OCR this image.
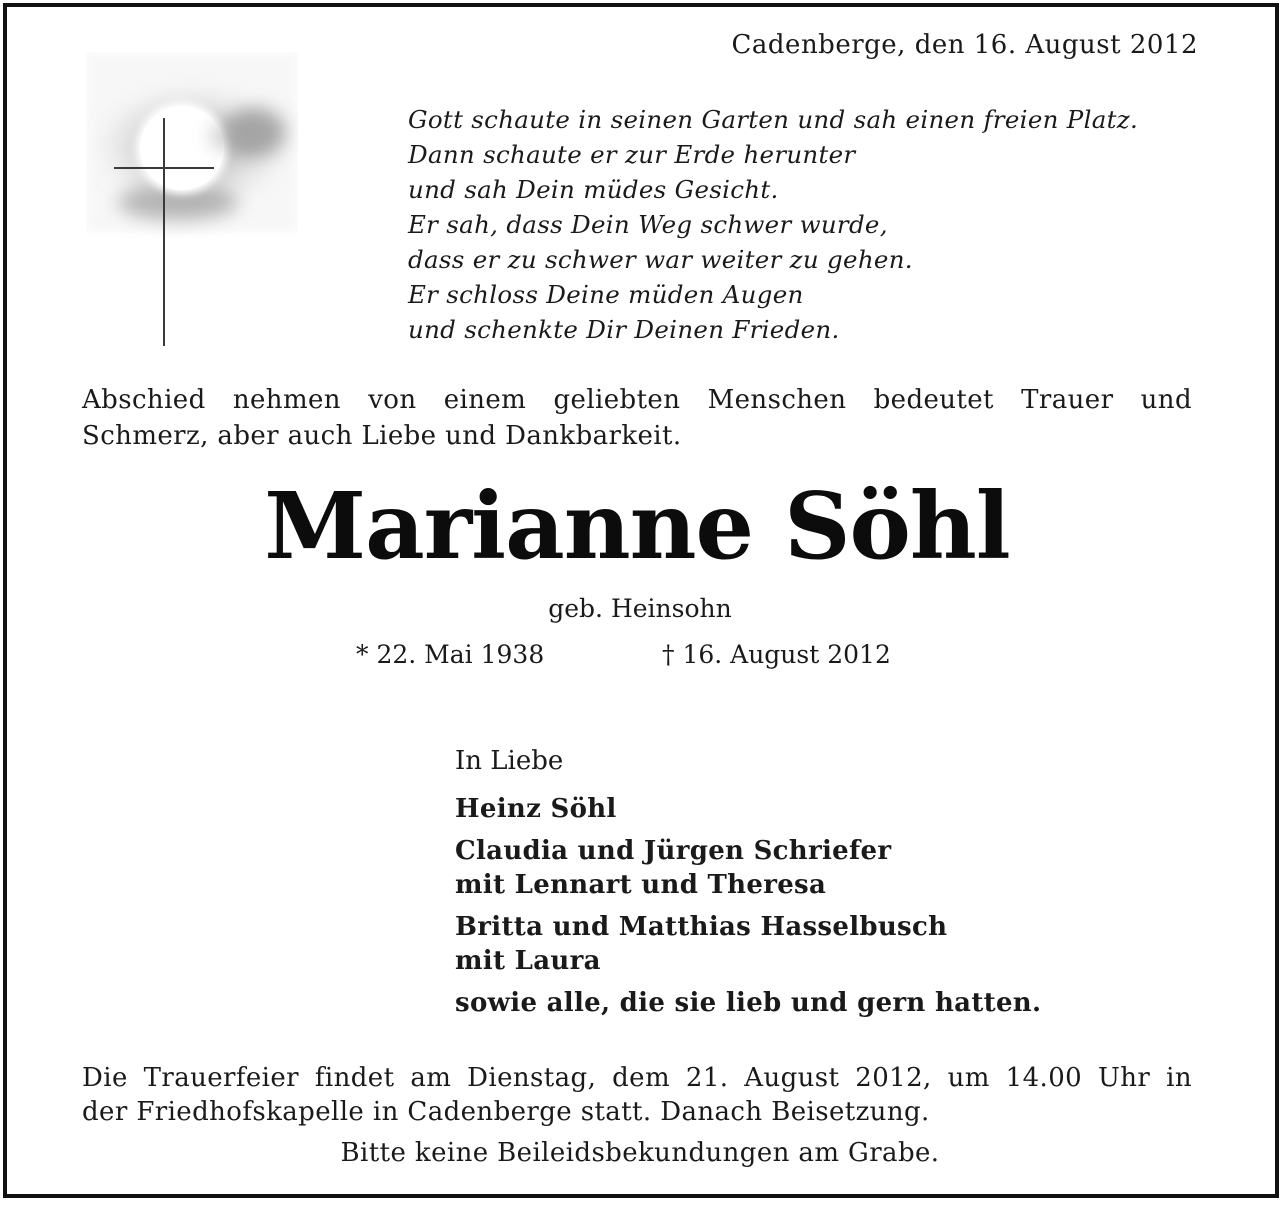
Cadenberge, den 16. August 2012
Gott schaute in seinen Garten und sah einen freien Platz.
Dann schaute er zur Erde herunter
und sah Dein müdes Gesicht.
Er sah, dass Dein Weg schwer wurde,
dass er zu schwer war weiter zu gehen.
Er schloss Deine müden Augen
und schenkte Dir Deinen Frieden.
Abschied nehmen von einem geliebten Menschen bedeutet Trauer und
Schmerz, aber auch Liebe und Dankbarkeit.
Marianne Söhl
geb. Heinsohn
* 22. Mai 1938	† 16. August 2012
In Liebe
Heinz Söhl
Claudia und Jürgen Schriefer
mit Lennart und Theresa
Britta und Matthias Hasselbusch
mit Laura
sowie alle, die sie lieb und gern hatten.
Die Trauerfeier findet am Dienstag, dem 21. August 2012, um 14.00 Uhr in
der Friedhofskapelle in Cadenberge statt. Danach Beisetzung.
Bitte keine Beileidsbekundungen am Grabe.
